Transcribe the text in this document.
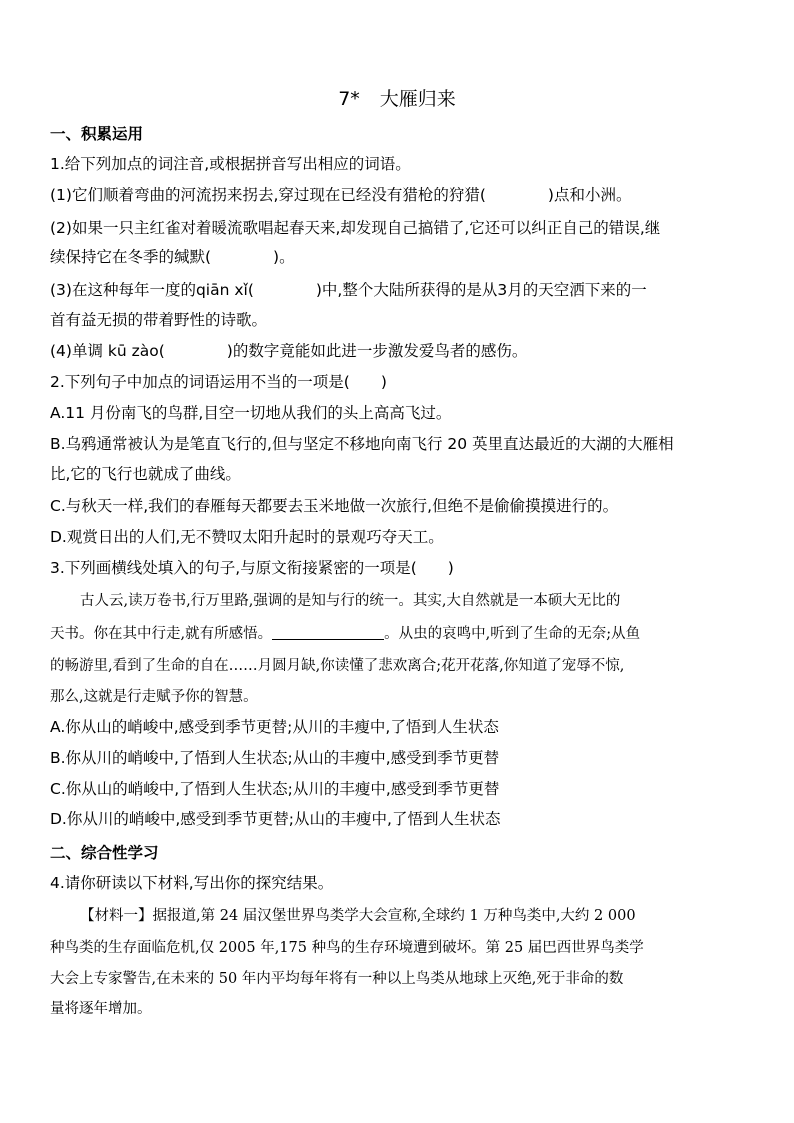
7* 大雁归来
一、积累运用
1.给下列加点的词注音,或根据拼音写出相应的词语。
(1)它们顺着弯曲的河流拐来拐去,穿过现在已经没有猎枪的狩猎(　　　　)点和小洲。
(2)如果一只主红雀对着暖流歌唱起春天来,却发现自己搞错了,它还可以纠正自己的错误,继
续保持它在冬季的缄默(　　　　)。
(3)在这种每年一度的qiān xǐ(　　　　)中,整个大陆所获得的是从3月的天空洒下来的一
首有益无损的带着野性的诗歌。
(4)单调 kū zào(　　　　)的数字竟能如此进一步激发爱鸟者的感伤。
2.下列句子中加点的词语运用不当的一项是(　　)
A.11 月份南飞的鸟群,目空一切地从我们的头上高高飞过。
B.乌鸦通常被认为是笔直飞行的,但与坚定不移地向南飞行 20 英里直达最近的大湖的大雁相
比,它的飞行也就成了曲线。
C.与秋天一样,我们的春雁每天都要去玉米地做一次旅行,但绝不是偷偷摸摸进行的。
D.观赏日出的人们,无不赞叹太阳升起时的景观巧夺天工。
3.下列画横线处填入的句子,与原文衔接紧密的一项是(　　)
古人云,读万卷书,行万里路,强调的是知与行的统一。其实,大自然就是一本硕大无比的
天书。你在其中行走,就有所感悟。	。从虫的哀鸣中,听到了生命的无奈;从鱼
的畅游里,看到了生命的自在……月圆月缺,你读懂了悲欢离合;花开花落,你知道了宠辱不惊,
那么,这就是行走赋予你的智慧。
A.你从山的峭峻中,感受到季节更替;从川的丰瘦中,了悟到人生状态
B.你从川的峭峻中,了悟到人生状态;从山的丰瘦中,感受到季节更替
C.你从山的峭峻中,了悟到人生状态;从川的丰瘦中,感受到季节更替
D.你从川的峭峻中,感受到季节更替;从山的丰瘦中,了悟到人生状态
二、综合性学习
4.请你研读以下材料,写出你的探究结果。
【材料一】据报道,第 24 届汉堡世界鸟类学大会宣称,全球约 1 万种鸟类中,大约 2 000
种鸟类的生存面临危机,仅 2005 年,175 种鸟的生存环境遭到破坏。第 25 届巴西世界鸟类学
大会上专家警告,在未来的 50 年内平均每年将有一种以上鸟类从地球上灭绝,死于非命的数
量将逐年增加。
